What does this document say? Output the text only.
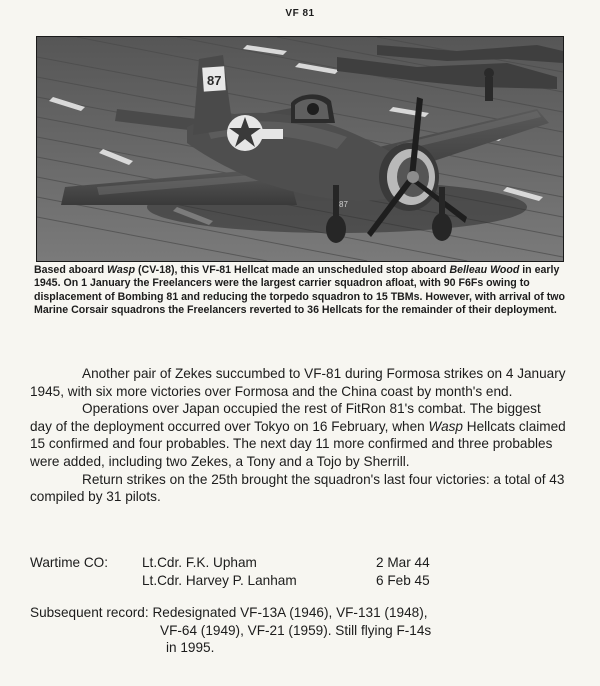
VF 81
87
87
Based aboard Wasp (CV-18), this VF-81 Hellcat made an unscheduled stop aboard Belleau Wood in early 1945. On 1 January the Freelancers were the largest carrier squadron afloat, with 90 F6Fs owing to displacement of Bombing 81 and reducing the torpedo squadron to 15 TBMs. However, with arrival of two Marine Corsair squadrons the Freelancers reverted to 36 Hellcats for the remainder of their deployment.

Another pair of Zekes succumbed to VF-81 during Formosa strikes on 4 January 1945, with six more victories over Formosa and the China coast by month's end.

Operations over Japan occupied the rest of FitRon 81's combat. The biggest day of the deployment occurred over Tokyo on 16 February, when Wasp Hellcats claimed 15 confirmed and four probables. The next day 11 more confirmed and three probables were added, including two Zekes, a Tony and a Tojo by Sherrill.

Return strikes on the 25th brought the squadron's last four victories: a total of 43 compiled by 31 pilots.

Wartime CO:	Lt.Cdr. F.K. Upham	2 Mar 44
Lt.Cdr. Harvey P. Lanham	6 Feb 45
Subsequent record: Redesignated VF-13A (1946), VF-131 (1948),
VF-64 (1949), VF-21 (1959). Still flying F-14s
in 1995.
